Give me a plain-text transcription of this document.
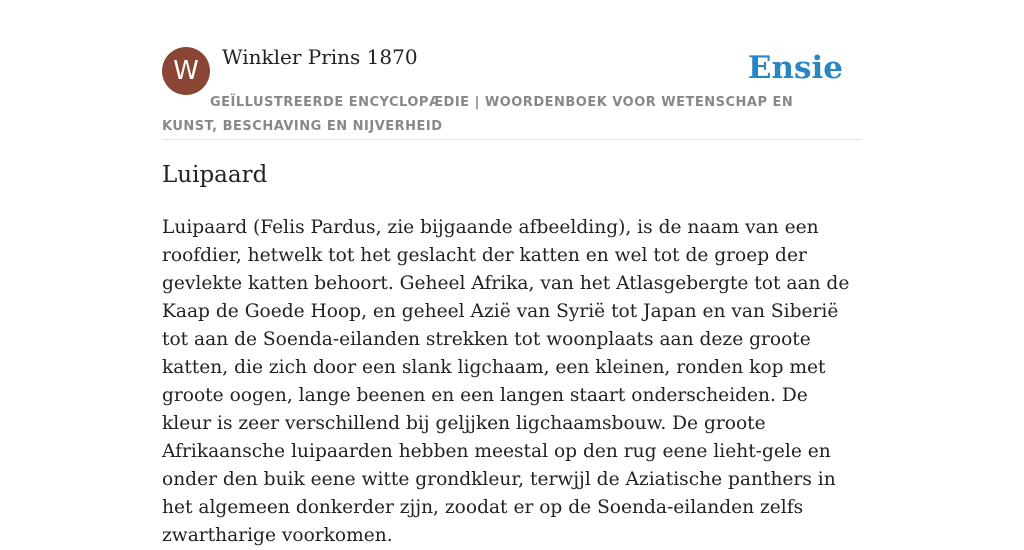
W	Winkler Prins 1870	Ensie
GEÏLLUSTREERDE ENCYCLOPÆDIE | WOORDENBOEK VOOR WETENSCHAP EN KUNST, BESCHAVING EN NIJVERHEID
Luipaard

Luipaard (Felis Pardus, zie bijgaande afbeelding), is de naam van een roofdier, hetwelk tot het geslacht der katten en wel tot de groep der gevlekte katten behoort. Geheel Afrika, van het Atlasgebergte tot aan de Kaap de Goede Hoop, en geheel Azië van Syrië tot Japan en van Siberië tot aan de Soenda-eilanden strekken tot woonplaats aan deze groote katten, die zich door een slank ligchaam, een kleinen, ronden kop met groote oogen, lange beenen en een langen staart onderscheiden. De kleur is zeer verschillend bij geljjken ligchaamsbouw. De groote Afrikaansche luipaarden hebben meestal op den rug eene lieht-gele en onder den buik eene witte grondkleur, terwjjl de Aziatische panthers in het algemeen donkerder zjjn, zoodat er op de Soenda-eilanden zelfs zwartharige voorkomen.
